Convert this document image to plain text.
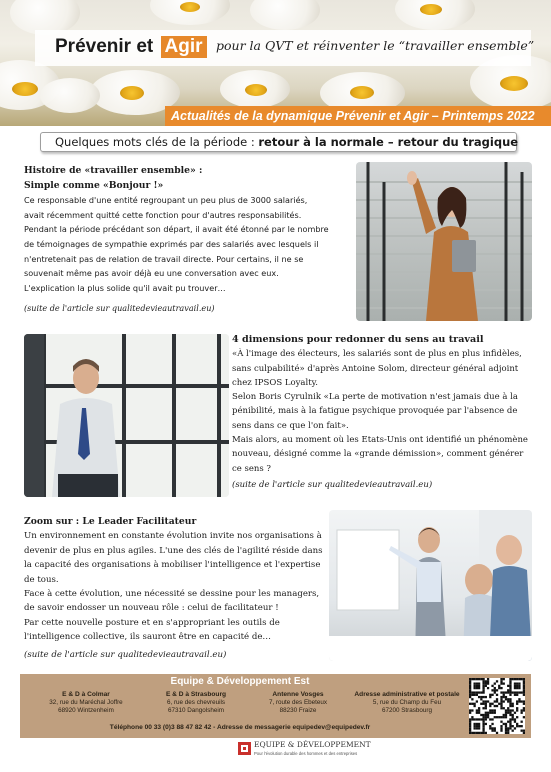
Prévenir et Agir	pour la QVT et réinventer le “travailler ensemble”
Actualités de la dynamique Prévenir et Agir – Printemps 2022
Quelques mots clés de la période : retour à la normale – retour du tragique

Histoire de «travailler ensemble» :

Simple comme «Bonjour !»

Ce responsable d'une entité regroupant un peu plus de 3000 salariés, avait récemment quitté cette fonction pour d'autres responsabilités.

Pendant la période précédant son départ, il avait été étonné par le nombre de témoignages de sympathie exprimés par des salariés avec lesquels il n'entretenait pas de relation de travail directe. Pour certains, il ne se souvenait même pas avoir déjà eu une conversation avec eux.

L'explication la plus solide qu'il avait pu trouver…

(suite de l'article sur qualitedevieautravail.eu)

4 dimensions pour redonner du sens au travail

«À l'image des électeurs, les salariés sont de plus en plus infidèles, sans culpabilité» d'après Antoine Solom, directeur général adjoint chez IPSOS Loyalty.

Selon Boris Cyrulnik «La perte de motivation n'est jamais due à la pénibilité, mais à la fatigue psychique provoquée par l'absence de sens dans ce que l'on fait».

Mais alors, au moment où les Etats-Unis ont identifié un phénomène nouveau, désigné comme la «grande démission», comment générer ce sens ?

(suite de l'article sur qualitedevieautravail.eu)

Zoom sur : Le Leader Facilitateur

Un environnement en constante évolution invite nos organisations à devenir de plus en plus agiles. L'une des clés de l'agilité réside dans la capacité des organisations à mobiliser l'intelligence et l'expertise de tous.

Face à cette évolution, une nécessité se dessine pour les managers, de savoir endosser un nouveau rôle : celui de facilitateur !

Par cette nouvelle posture et en s'appropriant les outils de l'intelligence collective, ils sauront être en capacité de…

(suite de l'article sur qualitedevieautravail.eu)

Equipe & Développement Est
E & D à Colmar
32, rue du Maréchal Joffre
68920 Wintzenheim
E & D à Strasbourg
6, rue des chevreuils
67310 Dangolsheim
Antenne Vosges
7, route des Ebeteux
88230 Fraize
Adresse administrative et postale
5, rue du Champ du Feu
67200 Strasbourg
Téléphone 00 33 (0)3 88 47 82 42 - Adresse de messagerie equipedev@equipedev.fr
EQUIPE & DÉVELOPPEMENT
Pour l'évolution durable des hommes et des entreprises
